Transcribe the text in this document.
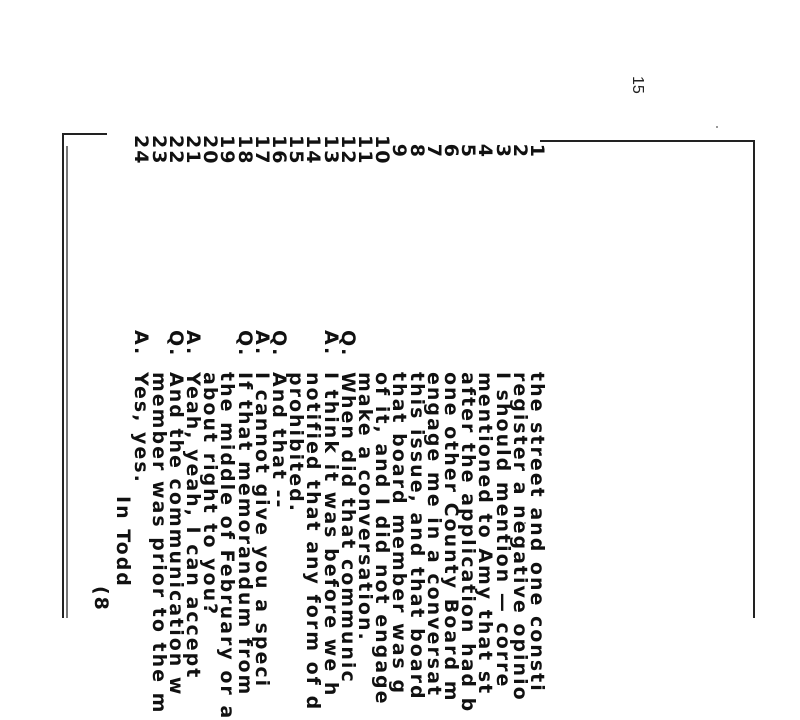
15
1
the street and one consti
2
register a negative opinio
3
I should mention — corre
4
mentioned to Amy that st
5
after the application had b
6
one other County Board m
7
engage me in a conversat
8
this issue, and that board
9
that board member was g
10
of it, and I did not engage
11
make a conversation.
12
Q.
When did that communic
13
A.
I think it was before we h
14
notified that any form of d
15
prohibited.
16
Q.
And that --
17
A.
I cannot give you a speci
18
Q.
If that memorandum from
19
the middle of February or a
20
about right to you?
21
A.
Yeah, yeah, I can accept
22
Q.
And the communication w
23
member was prior to the m
24
A.
Yes, yes.
In Todd
(8
